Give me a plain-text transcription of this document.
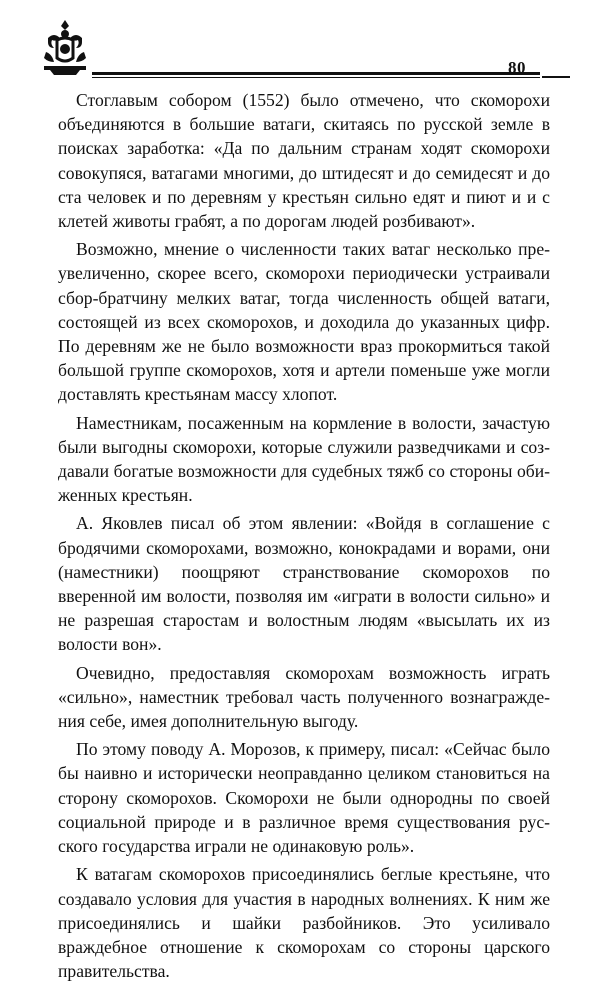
80

Стоглавым собором (1552) было отмечено, что скоморохи объединяются в большие ватаги, скитаясь по русской земле в поисках заработка: «Да по дальним странам ходят скоморохи совокупяся, ватагами многими, до штидесят и до семидесят и до ста человек и по деревням у крестьян сильно едят и пиют и и с клетей животы грабят, а по дорогам людей розбивают».

Возможно, мнение о численности таких ватаг несколько преувеличенно, скорее всего, скоморохи периодически устраивали сбор-братчину мелких ватаг, тогда численность общей ватаги, состоящей из всех скоморохов, и доходила до указанных цифр. По деревням же не было возможности враз прокормиться такой большой группе скоморохов, хотя и артели поменьше уже могли доставлять крестьянам массу хлопот.

Наместникам, посаженным на кормление в волости, зачастую были выгодны скоморохи, которые служили разведчиками и создавали богатые возможности для судебных тяжб со стороны обиженных крестьян.

А. Яковлев писал об этом явлении: «Войдя в соглашение с бродячими скоморохами, возможно, конокрадами и ворами, они (наместники) поощряют странствование скоморохов по вверенной им волости, позволяя им «играти в волости сильно» и не разрешая старостам и волостным людям «высылать их из волости вон».

Очевидно, предоставляя скоморохам возможность играть «сильно», наместник требовал часть полученного вознаграждения себе, имея дополнительную выгоду.

По этому поводу А. Морозов, к примеру, писал: «Сейчас было бы наивно и исторически неоправданно целиком становиться на сторону скоморохов. Скоморохи не были однородны по своей социальной природе и в различное время существования русского государства играли не одинаковую роль».

К ватагам скоморохов присоединялись беглые крестьяне, что создавало условия для участия в народных волнениях. К ним же присоединялись и шайки разбойников. Это усиливало враждебное отношение к скоморохам со стороны царского правительства.
